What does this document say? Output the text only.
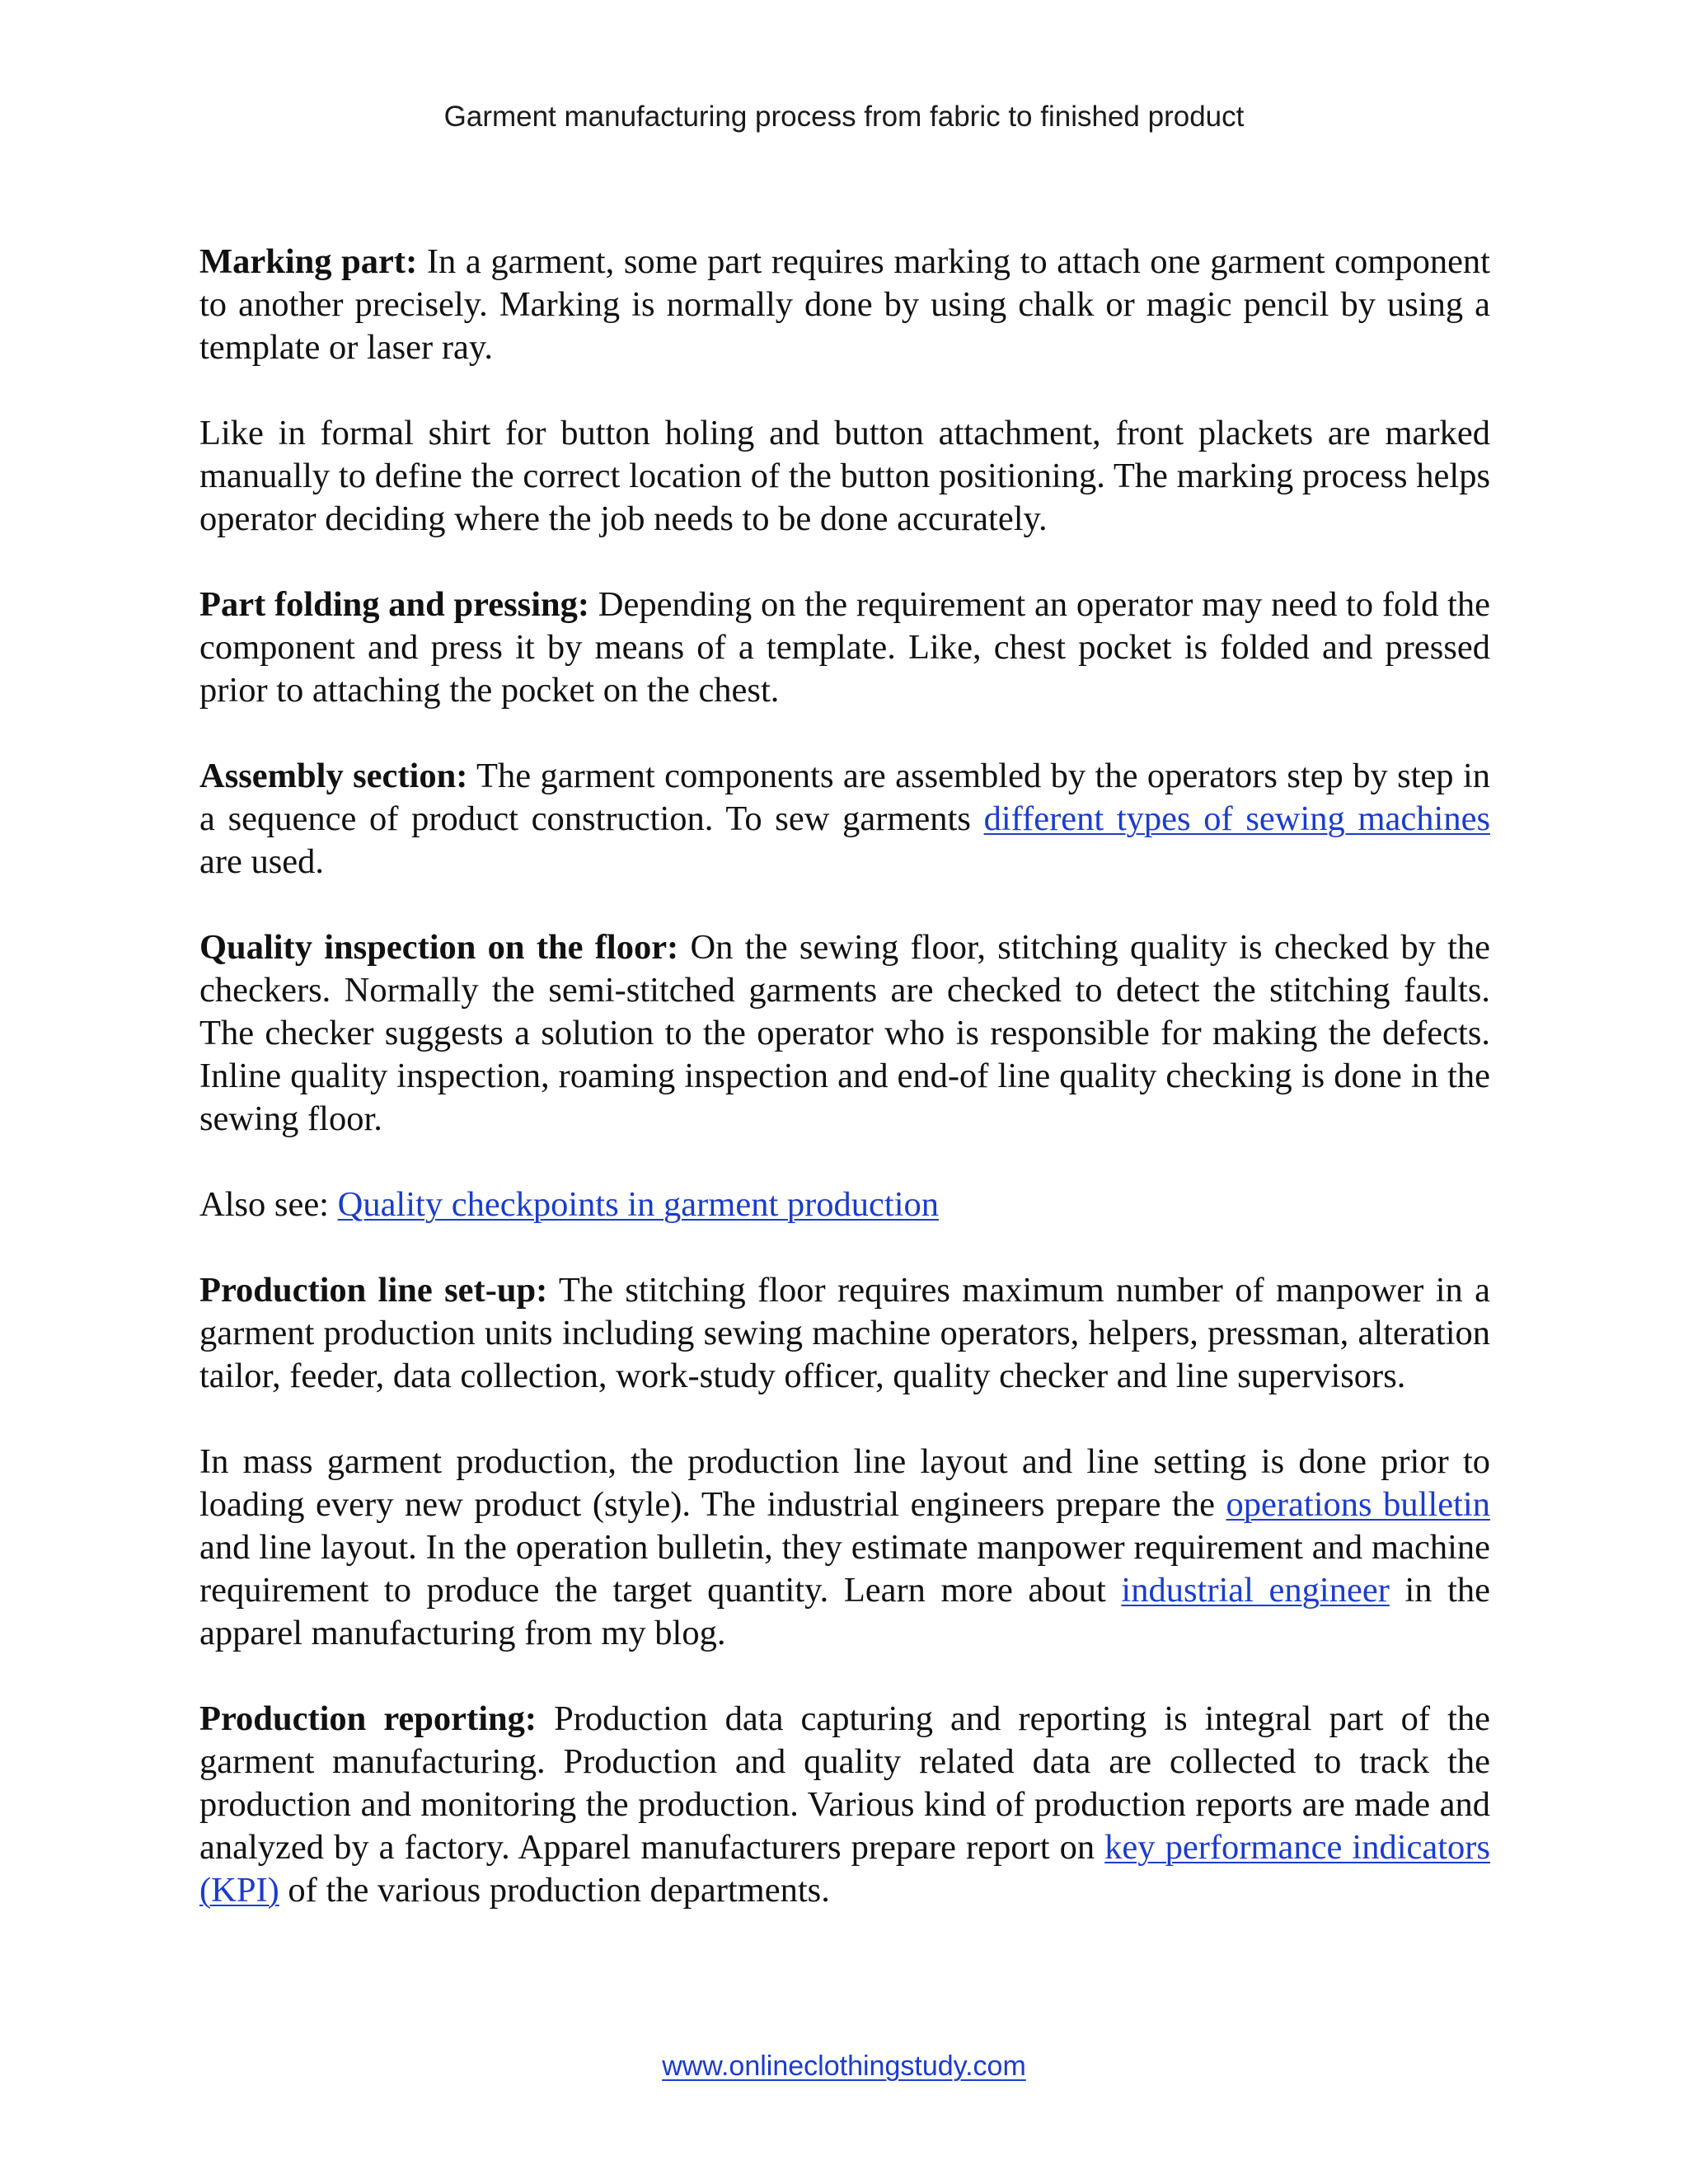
Garment manufacturing process from fabric to finished product

Marking part: In a garment, some part requires marking to attach one garment component to another precisely. Marking is normally done by using chalk or magic pencil by using a template or laser ray.

Like in formal shirt for button holing and button attachment, front plackets are marked manually to define the correct location of the button positioning. The marking process helps operator deciding where the job needs to be done accurately.

Part folding and pressing: Depending on the requirement an operator may need to fold the component and press it by means of a template. Like, chest pocket is folded and pressed prior to attaching the pocket on the chest.

Assembly section: The garment components are assembled by the operators step by step in a sequence of product construction. To sew garments different types of sewing machines are used.

Quality inspection on the floor: On the sewing floor, stitching quality is checked by the checkers. Normally the semi-stitched garments are checked to detect the stitching faults. The checker suggests a solution to the operator who is responsible for making the defects. Inline quality inspection, roaming inspection and end-of line quality checking is done in the sewing floor.

Also see: Quality checkpoints in garment production

Production line set-up: The stitching floor requires maximum number of manpower in a garment production units including sewing machine operators, helpers, pressman, alteration tailor, feeder, data collection, work-study officer, quality checker and line supervisors.

In mass garment production, the production line layout and line setting is done prior to loading every new product (style). The industrial engineers prepare the operations bulletin and line layout. In the operation bulletin, they estimate manpower requirement and machine requirement to produce the target quantity. Learn more about industrial engineer in the apparel manufacturing from my blog.

Production reporting: Production data capturing and reporting is integral part of the garment manufacturing. Production and quality related data are collected to track the production and monitoring the production. Various kind of production reports are made and analyzed by a factory. Apparel manufacturers prepare report on key performance indicators (KPI) of the various production departments.

www.onlineclothingstudy.com
